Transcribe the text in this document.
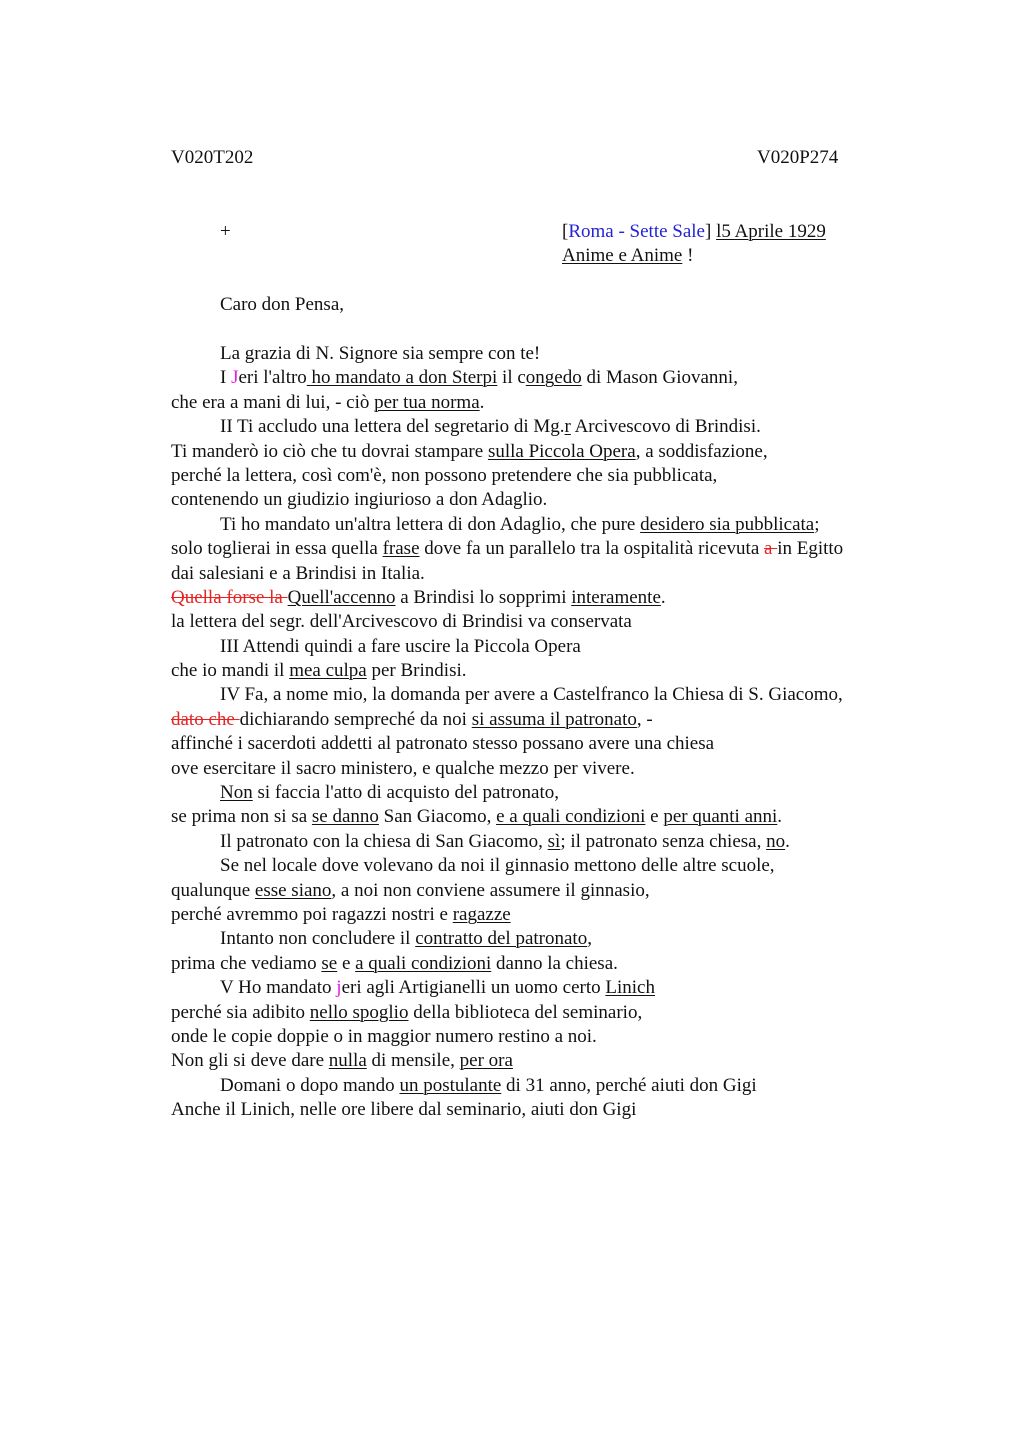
V020T202	V020P274
+	[Roma - Sette Sale] l5 Aprile 1929
Anime e Anime !
Caro don Pensa,
La grazia di N. Signore sia sempre con te!
I Jeri l'altro ho mandato a don Sterpi il congedo di Mason Giovanni,
che era a mani di lui, - ciò per tua norma.
II Ti accludo una lettera del segretario di Mg.r Arcivescovo di Brindisi.
Ti manderò io ciò che tu dovrai stampare sulla Piccola Opera, a soddisfazione,
perché la lettera, così com'è, non possono pretendere che sia pubblicata,
contenendo un giudizio ingiurioso a don Adaglio.
Ti ho mandato un'altra lettera di don Adaglio, che pure desidero sia pubblicata;
solo toglierai in essa quella frase dove fa un parallelo tra la ospitalità ricevuta a in Egitto
dai salesiani e a Brindisi in Italia.
Quella forse la Quell'accenno a Brindisi lo sopprimi interamente.
la lettera del segr. dell'Arcivescovo di Brindisi va conservata
III Attendi quindi a fare uscire la Piccola Opera
che io mandi il mea culpa per Brindisi.
IV Fa, a nome mio, la domanda per avere a Castelfranco la Chiesa di S. Giacomo,
dato che dichiarando sempreché da noi si assuma il patronato, -
affinché i sacerdoti addetti al patronato stesso possano avere una chiesa
ove esercitare il sacro ministero, e qualche mezzo per vivere.
Non si faccia l'atto di acquisto del patronato,
se prima non si sa se danno San Giacomo, e a quali condizioni e per quanti anni.
Il patronato con la chiesa di San Giacomo, sì; il patronato senza chiesa, no.
Se nel locale dove volevano da noi il ginnasio mettono delle altre scuole,
qualunque esse siano, a noi non conviene assumere il ginnasio,
perché avremmo poi ragazzi nostri e ragazze
Intanto non concludere il contratto del patronato,
prima che vediamo se e a quali condizioni danno la chiesa.
V Ho mandato jeri agli Artigianelli un uomo certo Linich
perché sia adibito nello spoglio della biblioteca del seminario,
onde le copie doppie o in maggior numero restino a noi.
Non gli si deve dare nulla di mensile, per ora
Domani o dopo mando un postulante di 31 anno, perché aiuti don Gigi
Anche il Linich, nelle ore libere dal seminario, aiuti don Gigi
